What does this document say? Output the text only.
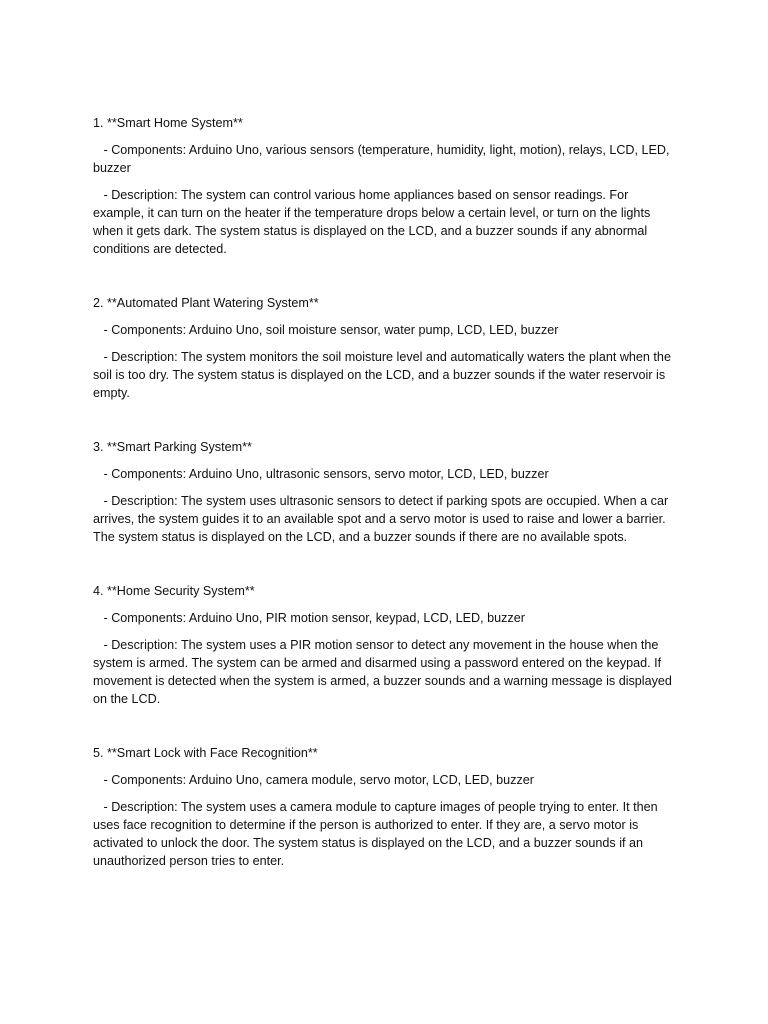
1. **Smart Home System**

- Components: Arduino Uno, various sensors (temperature, humidity, light, motion), relays, LCD, LED, buzzer

- Description: The system can control various home appliances based on sensor readings. For example, it can turn on the heater if the temperature drops below a certain level, or turn on the lights when it gets dark. The system status is displayed on the LCD, and a buzzer sounds if any abnormal conditions are detected.

2. **Automated Plant Watering System**

- Components: Arduino Uno, soil moisture sensor, water pump, LCD, LED, buzzer

- Description: The system monitors the soil moisture level and automatically waters the plant when the soil is too dry. The system status is displayed on the LCD, and a buzzer sounds if the water reservoir is empty.

3. **Smart Parking System**

- Components: Arduino Uno, ultrasonic sensors, servo motor, LCD, LED, buzzer

- Description: The system uses ultrasonic sensors to detect if parking spots are occupied. When a car arrives, the system guides it to an available spot and a servo motor is used to raise and lower a barrier. The system status is displayed on the LCD, and a buzzer sounds if there are no available spots.

4. **Home Security System**

- Components: Arduino Uno, PIR motion sensor, keypad, LCD, LED, buzzer

- Description: The system uses a PIR motion sensor to detect any movement in the house when the system is armed. The system can be armed and disarmed using a password entered on the keypad. If movement is detected when the system is armed, a buzzer sounds and a warning message is displayed on the LCD.

5. **Smart Lock with Face Recognition**

- Components: Arduino Uno, camera module, servo motor, LCD, LED, buzzer

- Description: The system uses a camera module to capture images of people trying to enter. It then uses face recognition to determine if the person is authorized to enter. If they are, a servo motor is activated to unlock the door. The system status is displayed on the LCD, and a buzzer sounds if an unauthorized person tries to enter.
